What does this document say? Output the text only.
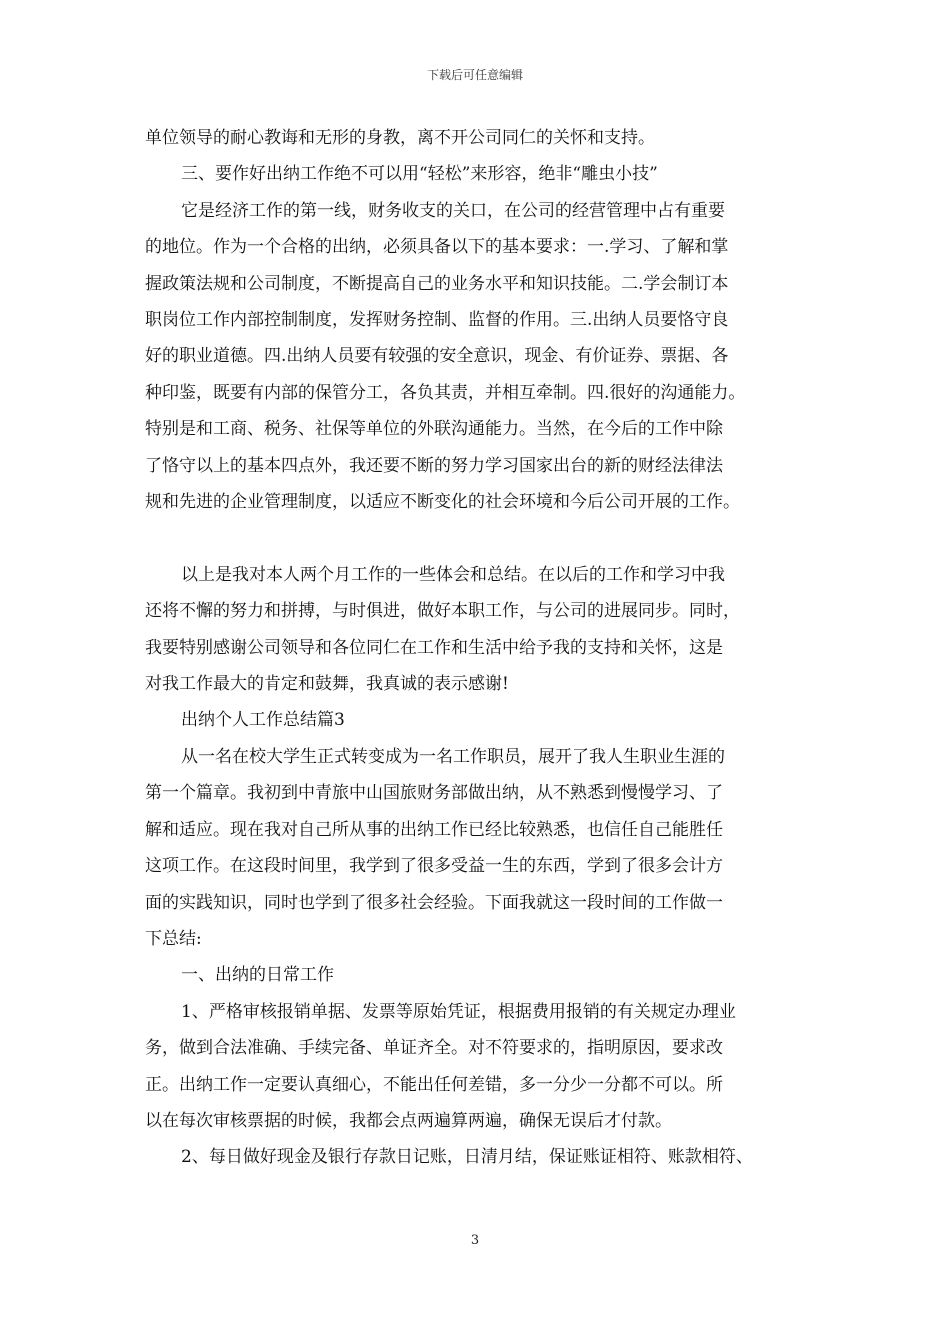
下载后可任意编辑

单位领导的耐心教诲和无形的身教，离不开公司同仁的关怀和支持。

三、要作好出纳工作绝不可以用“轻松”来形容，绝非“雕虫小技”

它是经济工作的第一线，财务收支的关口，在公司的经营管理中占有重要

的地位。作为一个合格的出纳，必须具备以下的基本要求：一.学习、了解和掌

握政策法规和公司制度，不断提高自己的业务水平和知识技能。二.学会制订本

职岗位工作内部控制制度，发挥财务控制、监督的作用。三.出纳人员要恪守良

好的职业道德。四.出纳人员要有较强的安全意识，现金、有价证券、票据、各

种印鉴，既要有内部的保管分工，各负其责，并相互牵制。四.很好的沟通能力。

特别是和工商、税务、社保等单位的外联沟通能力。当然，在今后的工作中除

了恪守以上的基本四点外，我还要不断的努力学习国家出台的新的财经法律法

规和先进的企业管理制度，以适应不断变化的社会环境和今后公司开展的工作。

以上是我对本人两个月工作的一些体会和总结。在以后的工作和学习中我

还将不懈的努力和拼搏，与时俱进，做好本职工作，与公司的进展同步。同时，

我要特别感谢公司领导和各位同仁在工作和生活中给予我的支持和关怀，这是

对我工作最大的肯定和鼓舞，我真诚的表示感谢!

出纳个人工作总结篇3

从一名在校大学生正式转变成为一名工作职员，展开了我人生职业生涯的

第一个篇章。我初到中青旅中山国旅财务部做出纳，从不熟悉到慢慢学习、了

解和适应。现在我对自己所从事的出纳工作已经比较熟悉，也信任自己能胜任

这项工作。在这段时间里，我学到了很多受益一生的东西，学到了很多会计方

面的实践知识，同时也学到了很多社会经验。下面我就这一段时间的工作做一

下总结:

一、出纳的日常工作

1、严格审核报销单据、发票等原始凭证，根据费用报销的有关规定办理业

务，做到合法准确、手续完备、单证齐全。对不符要求的，指明原因，要求改

正。出纳工作一定要认真细心，不能出任何差错，多一分少一分都不可以。所

以在每次审核票据的时候，我都会点两遍算两遍，确保无误后才付款。

2、每日做好现金及银行存款日记账，日清月结，保证账证相符、账款相符、

3
